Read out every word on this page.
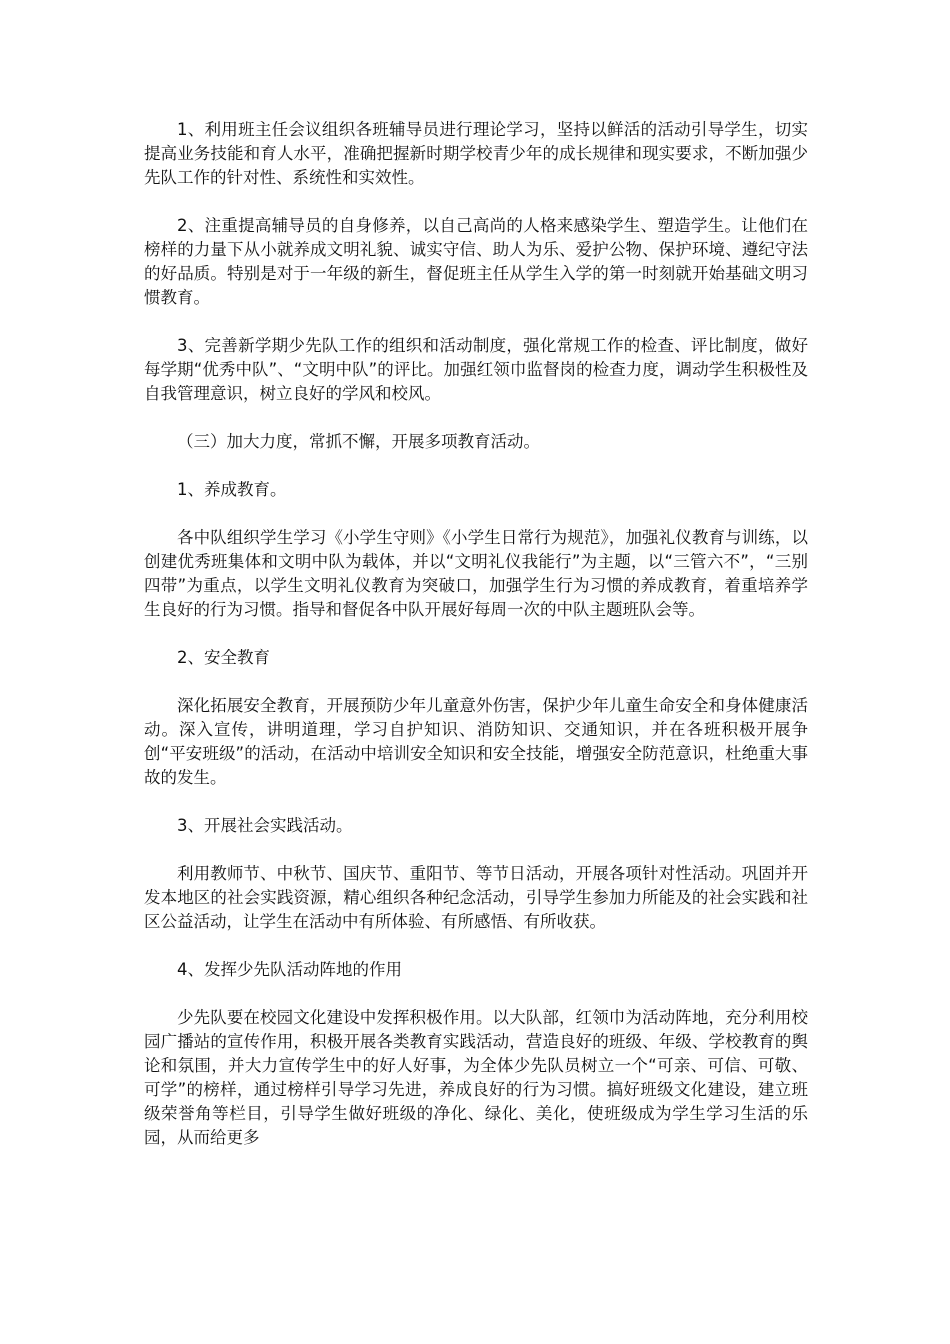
1、利用班主任会议组织各班辅导员进行理论学习，坚持以鲜活的活动引导学生，切实提高业务技能和育人水平，准确把握新时期学校青少年的成长规律和现实要求，不断加强少先队工作的针对性、系统性和实效性。

2、注重提高辅导员的自身修养，以自己高尚的人格来感染学生、塑造学生。让他们在榜样的力量下从小就养成文明礼貌、诚实守信、助人为乐、爱护公物、保护环境、遵纪守法的好品质。特别是对于一年级的新生，督促班主任从学生入学的第一时刻就开始基础文明习惯教育。

3、完善新学期少先队工作的组织和活动制度，强化常规工作的检查、评比制度，做好每学期“优秀中队”、“文明中队”的评比。加强红领巾监督岗的检查力度，调动学生积极性及自我管理意识，树立良好的学风和校风。

（三）加大力度，常抓不懈，开展多项教育活动。

1、养成教育。

各中队组织学生学习《小学生守则》《小学生日常行为规范》，加强礼仪教育与训练，以创建优秀班集体和文明中队为载体，并以“文明礼仪我能行”为主题，以“三管六不”，“三别四带”为重点，以学生文明礼仪教育为突破口，加强学生行为习惯的养成教育，着重培养学生良好的行为习惯。指导和督促各中队开展好每周一次的中队主题班队会等。

2、安全教育

深化拓展安全教育，开展预防少年儿童意外伤害，保护少年儿童生命安全和身体健康活动。深入宣传，讲明道理，学习自护知识、消防知识、交通知识，并在各班积极开展争创“平安班级”的活动，在活动中培训安全知识和安全技能，增强安全防范意识，杜绝重大事故的发生。

3、开展社会实践活动。

利用教师节、中秋节、国庆节、重阳节、等节日活动，开展各项针对性活动。巩固并开发本地区的社会实践资源，精心组织各种纪念活动，引导学生参加力所能及的社会实践和社区公益活动，让学生在活动中有所体验、有所感悟、有所收获。

4、发挥少先队活动阵地的作用

少先队要在校园文化建设中发挥积极作用。以大队部，红领巾为活动阵地，充分利用校园广播站的宣传作用，积极开展各类教育实践活动，营造良好的班级、年级、学校教育的舆论和氛围，并大力宣传学生中的好人好事，为全体少先队员树立一个“可亲、可信、可敬、可学”的榜样，通过榜样引导学习先进，养成良好的行为习惯。搞好班级文化建设，建立班级荣誉角等栏目，引导学生做好班级的净化、绿化、美化，使班级成为学生学习生活的乐园，从而给更多
